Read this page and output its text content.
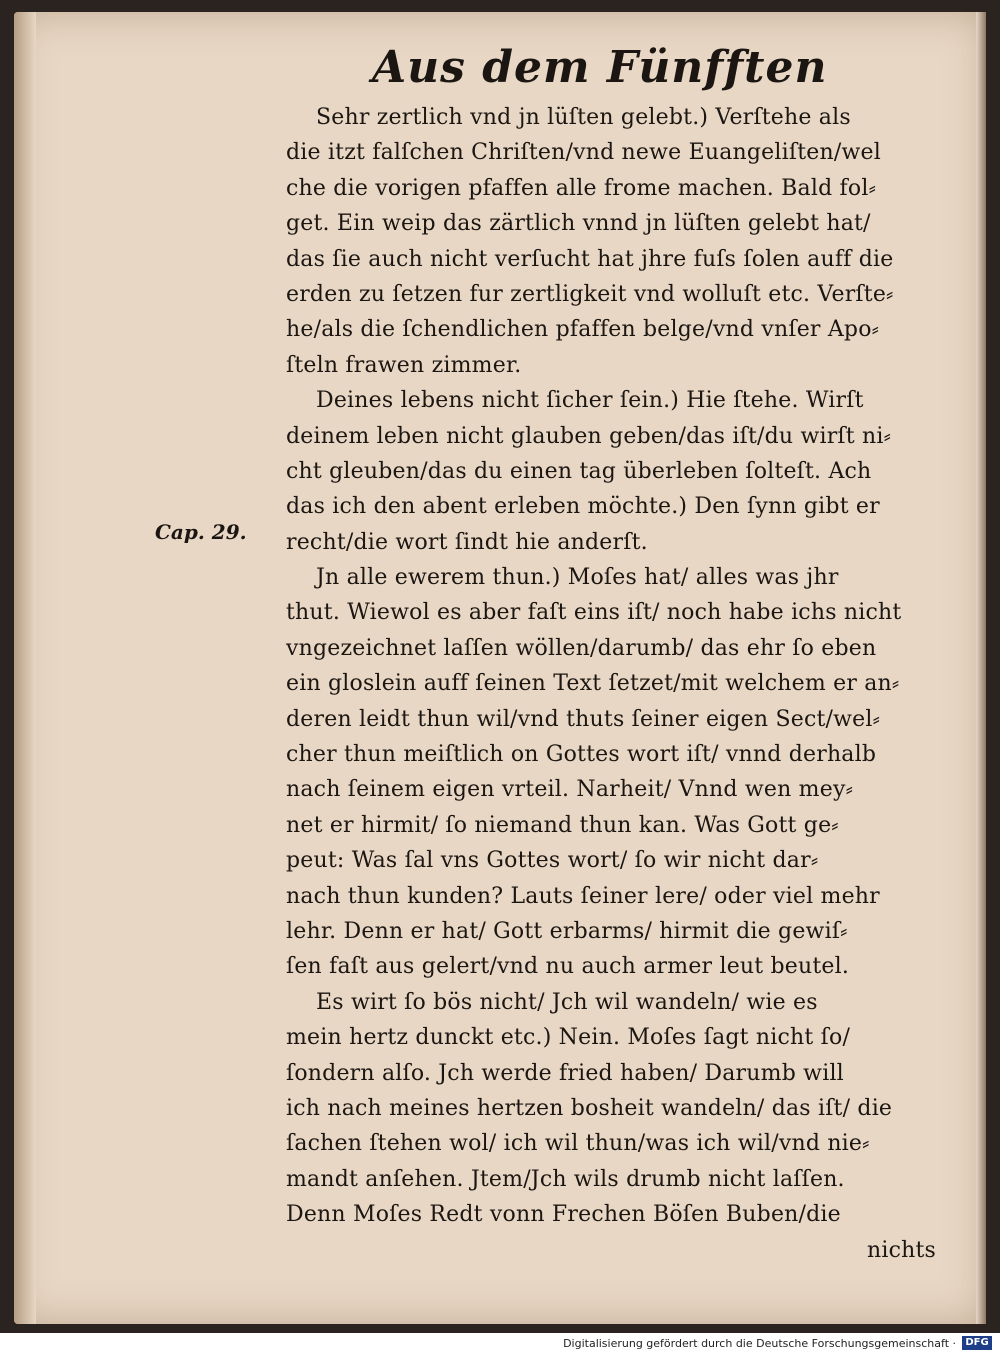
Aus dem Fünfften
Cap. 29.
Sehr zertlich vnd jn lüſten gelebt.) Verſtehe als
die itzt falſchen Chriſten/vnd newe Euangeliſten/wel
che die vorigen pfaffen alle frome machen. Bald fol⸗
get. Ein weip das zärtlich vnnd jn lüſten gelebt hat/
das ſie auch nicht verſucht hat jhre fuſs ſolen auff die
erden zu ſetzen fur zertligkeit vnd wolluſt etc. Verſte⸗
he/als die ſchendlichen pfaffen belge/vnd vnſer Apo⸗
ſteln frawen zimmer.
Deines lebens nicht ſicher ſein.) Hie ſtehe. Wirſt
deinem leben nicht glauben geben/das iſt/du wirſt ni⸗
cht gleuben/das du einen tag überleben ſolteſt. Ach
das ich den abent erleben möchte.) Den ſynn gibt er
recht/die wort ſindt hie anderſt.
Jn alle ewerem thun.) Moſes hat/ alles was jhr
thut. Wiewol es aber faſt eins iſt/ noch habe ichs nicht
vngezeichnet laſſen wöllen/darumb/ das ehr ſo eben
ein gloslein auff ſeinen Text ſetzet/mit welchem er an⸗
deren leidt thun wil/vnd thuts ſeiner eigen Sect/wel⸗
cher thun meiſtlich on Gottes wort iſt/ vnnd derhalb
nach ſeinem eigen vrteil. Narheit/ Vnnd wen mey⸗
net er hirmit/ ſo niemand thun kan. Was Gott ge⸗
peut: Was ſal vns Gottes wort/ ſo wir nicht dar⸗
nach thun kunden? Lauts ſeiner lere/ oder viel mehr
lehr. Denn er hat/ Gott erbarms/ hirmit die gewiſ⸗
ſen faſt aus gelert/vnd nu auch armer leut beutel.
Es wirt ſo bös nicht/ Jch wil wandeln/ wie es
mein hertz dunckt etc.) Nein. Moſes ſagt nicht ſo/
ſondern alſo. Jch werde fried haben/ Darumb will
ich nach meines hertzen bosheit wandeln/ das iſt/ die
ſachen ſtehen wol/ ich wil thun/was ich wil/vnd nie⸗
mandt anſehen. Jtem/Jch wils drumb nicht laſſen.
Denn Moſes Redt vonn Frechen Böſen Buben/die
nichts
Digitalisierung gefördert durch die Deutsche Forschungsgemeinschaft · DFG
